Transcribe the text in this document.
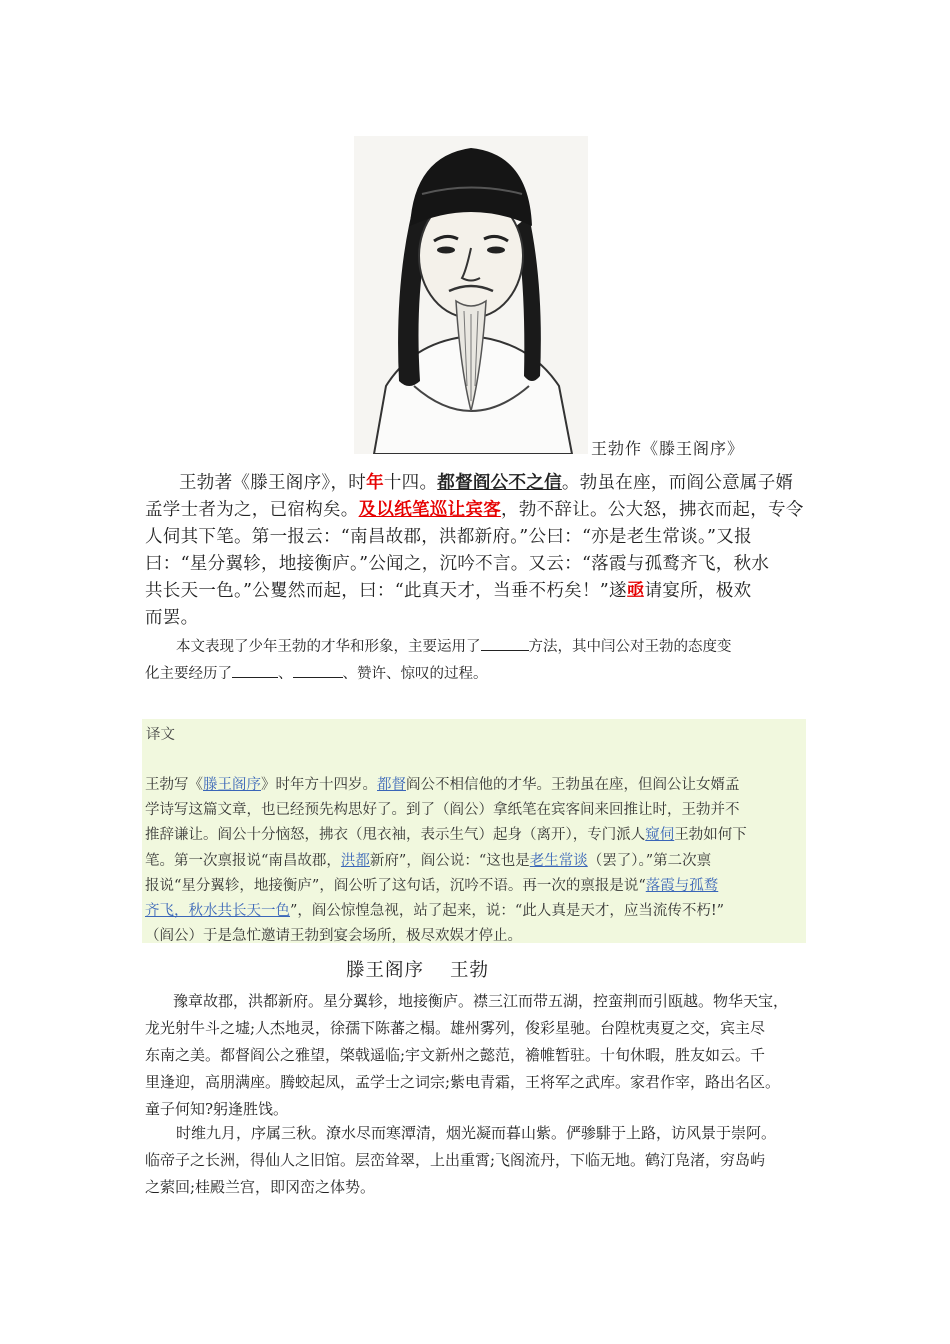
王勃作《滕王阁序》
王勃著《滕王阁序》，时年十四。都督阎公不之信。勃虽在座，而阎公意属子婿
孟学士者为之，已宿构矣。及以纸笔巡让宾客，勃不辞让。公大怒，拂衣而起，专令
人伺其下笔。第一报云：“南昌故郡，洪都新府。”公曰：“亦是老生常谈。”又报
曰：“星分翼轸，地接衡庐。”公闻之，沉吟不言。又云：“落霞与孤鹜齐飞，秋水
共长天一色。”公矍然而起，曰：“此真天才，当垂不朽矣！”遂亟请宴所，极欢
而罢。
本文表现了少年王勃的才华和形象，主要运用了	方法，其中闫公对王勃的态度变
化主要经历了	、	、赞许、惊叹的过程。
译文
王勃写《滕王阁序》时年方十四岁。都督阎公不相信他的才华。王勃虽在座，但阎公让女婿孟
学诗写这篇文章，也已经预先构思好了。到了（阎公）拿纸笔在宾客间来回推让时，王勃并不
推辞谦让。阎公十分恼怒，拂衣（甩衣袖，表示生气）起身（离开），专门派人窥伺王勃如何下
笔。第一次禀报说“南昌故郡，洪都新府”，阎公说：“这也是老生常谈（罢了）。”第二次禀
报说“星分翼轸，地接衡庐”，阎公听了这句话，沉吟不语。再一次的禀报是说“落霞与孤鹜
齐飞，秋水共长天一色”，阎公惊惶急视，站了起来，说：“此人真是天才，应当流传不朽!”
（阎公）于是急忙邀请王勃到宴会场所，极尽欢娱才停止。
滕王阁序 王勃
豫章故郡，洪都新府。星分翼轸，地接衡庐。襟三江而带五湖，控蛮荆而引瓯越。物华天宝，
龙光射牛斗之墟;人杰地灵，徐孺下陈蕃之榻。雄州雾列，俊彩星驰。台隍枕夷夏之交，宾主尽
东南之美。都督阎公之雅望，棨戟遥临;宇文新州之懿范，襜帷暂驻。十旬休暇，胜友如云。千
里逢迎，高朋满座。腾蛟起凤，孟学士之词宗;紫电青霜，王将军之武库。家君作宰，路出名区。
童子何知?躬逢胜饯。
时维九月，序属三秋。潦水尽而寒潭清，烟光凝而暮山紫。俨骖騑于上路，访风景于崇阿。
临帝子之长洲，得仙人之旧馆。层峦耸翠，上出重霄;飞阁流丹，下临无地。鹤汀凫渚，穷岛屿
之萦回;桂殿兰宫，即冈峦之体势。
